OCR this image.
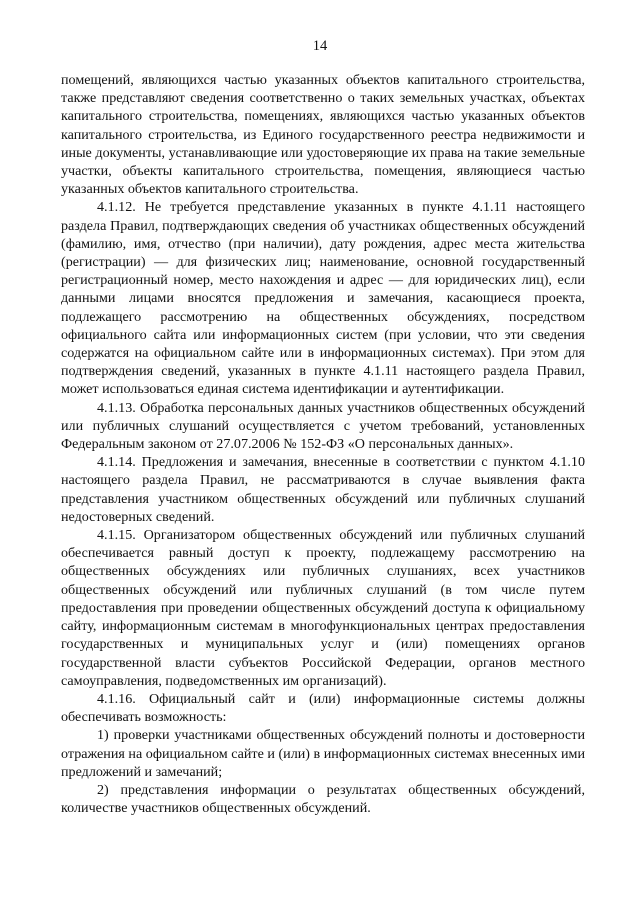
14

помещений, являющихся частью указанных объектов капитального строительства, также представляют сведения соответственно о таких земельных участках, объектах капитального строительства, помещениях, являющихся частью указанных объектов капитального строительства, из Единого государственного реестра недвижимости и иные документы, устанавливающие или удостоверяющие их права на такие земельные участки, объекты капитального строительства, помещения, являющиеся частью указанных объектов капитального строительства.

4.1.12. Не требуется представление указанных в пункте 4.1.11 настоящего раздела Правил, подтверждающих сведения об участниках общественных обсуждений (фамилию, имя, отчество (при наличии), дату рождения, адрес места жительства (регистрации) — для физических лиц; наименование, основной государственный регистрационный номер, место нахождения и адрес — для юридических лиц), если данными лицами вносятся предложения и замечания, касающиеся проекта, подлежащего рассмотрению на общественных обсуждениях, посредством официального сайта или информационных систем (при условии, что эти сведения содержатся на официальном сайте или в информационных системах). При этом для подтверждения сведений, указанных в пункте 4.1.11 настоящего раздела Правил, может использоваться единая система идентификации и аутентификации.

4.1.13. Обработка персональных данных участников общественных обсуждений или публичных слушаний осуществляется с учетом требований, установленных Федеральным законом от 27.07.2006 № 152-ФЗ «О персональных данных».

4.1.14. Предложения и замечания, внесенные в соответствии с пунктом 4.1.10 настоящего раздела Правил, не рассматриваются в случае выявления факта представления участником общественных обсуждений или публичных слушаний недостоверных сведений.

4.1.15. Организатором общественных обсуждений или публичных слушаний обеспечивается равный доступ к проекту, подлежащему рассмотрению на общественных обсуждениях или публичных слушаниях, всех участников общественных обсуждений или публичных слушаний (в том числе путем предоставления при проведении общественных обсуждений доступа к официальному сайту, информационным системам в многофункциональных центрах предоставления государственных и муниципальных услуг и (или) помещениях органов государственной власти субъектов Российской Федерации, органов местного самоуправления, подведомственных им организаций).

4.1.16. Официальный сайт и (или) информационные системы должны обеспечивать возможность:

1) проверки участниками общественных обсуждений полноты и достоверности отражения на официальном сайте и (или) в информационных системах внесенных ими предложений и замечаний;

2) представления информации о результатах общественных обсуждений, количестве участников общественных обсуждений.
